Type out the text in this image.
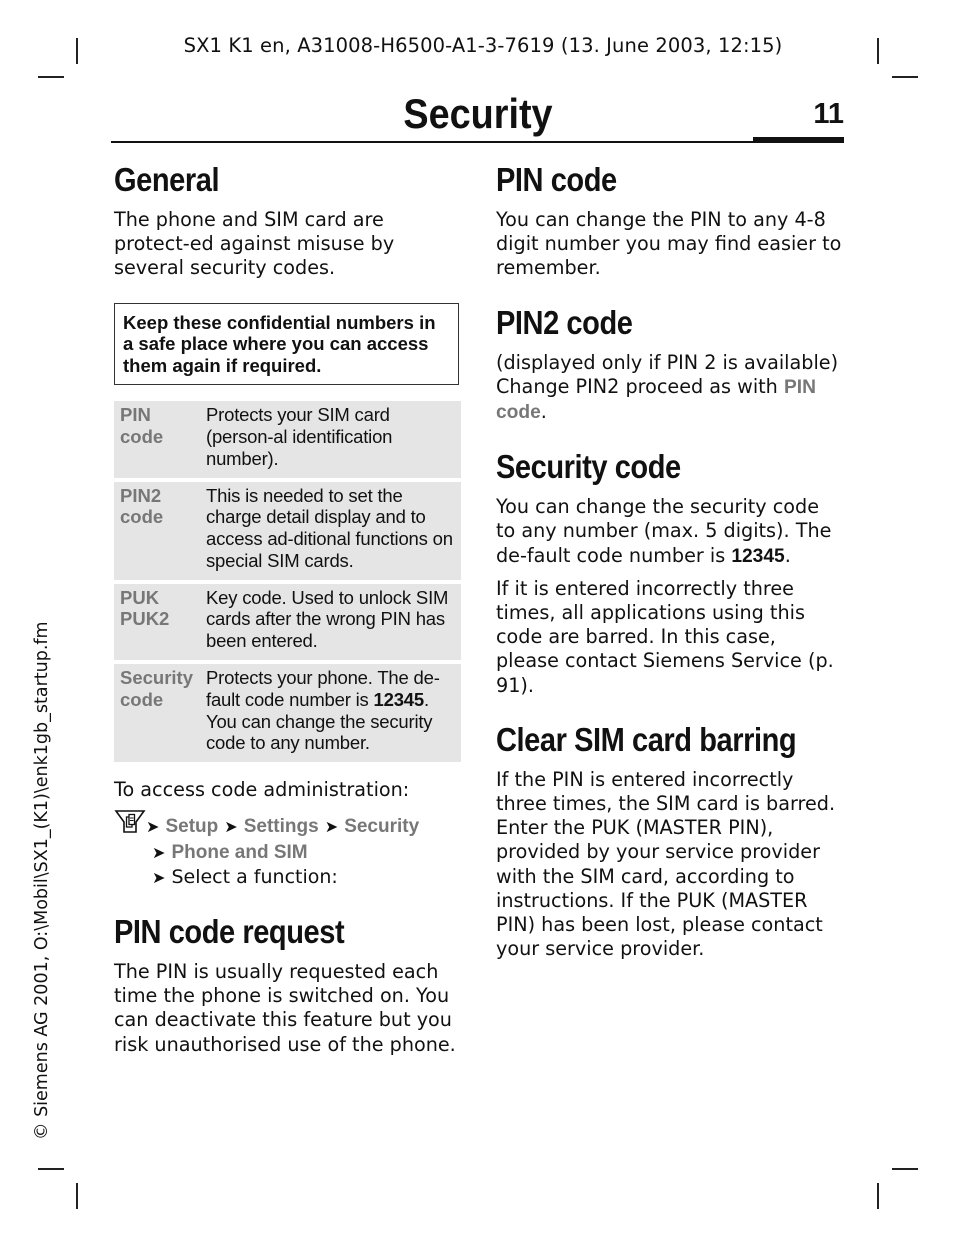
SX1 K1 en, A31008-H6500-A1-3-7619 (13. June 2003, 12:15)
Security	11
General

The phone and SIM card are protect-ed against misuse by several security codes.

Keep these confidential numbers in a safe place where you can access them again if required.
PIN code	Protects your SIM card (person-al identification number).
PIN2 code	This is needed to set the charge detail display and to access ad-ditional functions on special SIM cards.
PUK PUK2	Key code. Used to unlock SIM cards after the wrong PIN has been entered.
Security code	Protects your phone. The de-fault code number is 12345. You can change the security code to any number.

To access code administration:

➤ Setup ➤ Settings ➤ Security
➤ Phone and SIM
➤ Select a function:
PIN code request

The PIN is usually requested each time the phone is switched on. You can deactivate this feature but you risk unauthorised use of the phone.

PIN code

You can change the PIN to any 4-8 digit number you may find easier to remember.

PIN2 code

(displayed only if PIN 2 is available) Change PIN2 proceed as with PIN code.

Security code

You can change the security code to any number (max. 5 digits). The de-fault code number is 12345.

If it is entered incorrectly three times, all applications using this code are barred. In this case, please contact Siemens Service (p. 91).

Clear SIM card barring

If the PIN is entered incorrectly three times, the SIM card is barred. Enter the PUK (MASTER PIN), provided by your service provider with the SIM card, according to instructions. If the PUK (MASTER PIN) has been lost, please contact your service provider.

© Siemens AG 2001, O:\Mobil\SX1_(K1)\enk1gb_startup.fm
